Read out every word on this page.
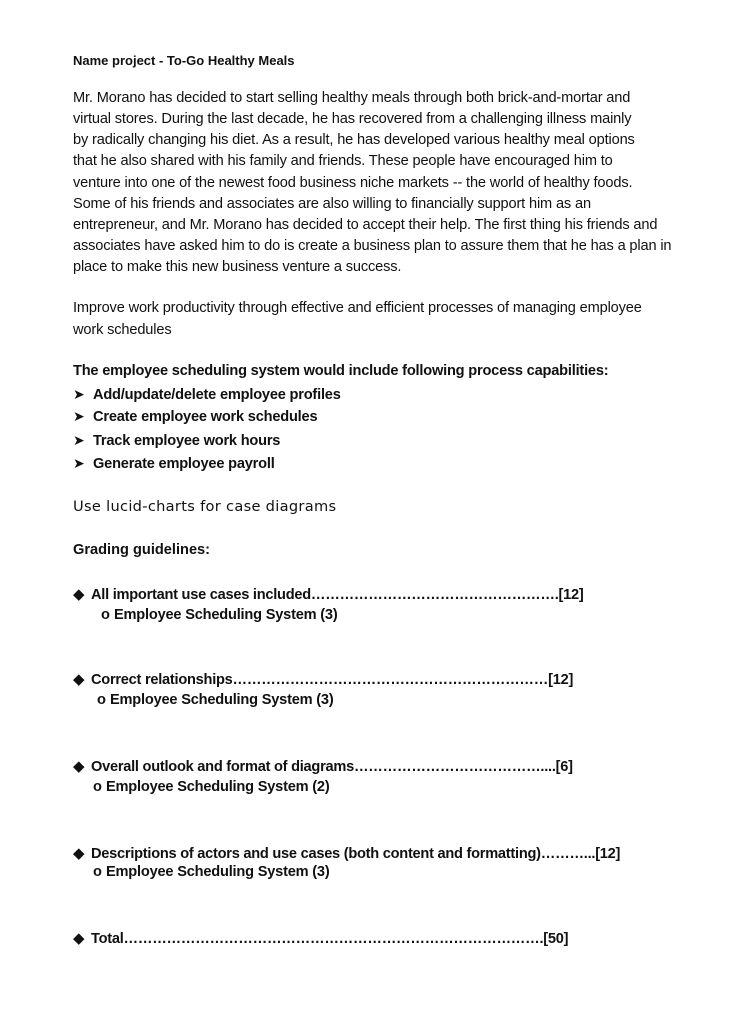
Name project - To-Go Healthy Meals
Mr. Morano has decided to start selling healthy meals through both brick-and-mortar and
virtual stores. During the last decade, he has recovered from a challenging illness mainly
by radically changing his diet. As a result, he has developed various healthy meal options
that he also shared with his family and friends. These people have encouraged him to
venture into one of the newest food business niche markets -- the world of healthy foods.
Some of his friends and associates are also willing to financially support him as an
entrepreneur, and Mr. Morano has decided to accept their help. The first thing his friends and
associates have asked him to do is create a business plan to assure them that he has a plan in
place to make this new business venture a success.
Improve work productivity through effective and efficient processes of managing employee
work schedules
The employee scheduling system would include following process capabilities:
➤ Add/update/delete employee profiles
➤ Create employee work schedules
➤ Track employee work hours
➤ Generate employee payroll
Use lucid-charts for case diagrams
Grading guidelines:
◆ All important use cases included…………………………………………….[12]
o Employee Scheduling System (3)
◆ Correct relationships…………………………………………………………[12]
o Employee Scheduling System (3)
◆ Overall outlook and format of diagrams…………………………………....[6]
o Employee Scheduling System (2)
◆ Descriptions of actors and use cases (both content and formatting)………...[12]
o Employee Scheduling System (3)
◆ Total…………………………………………………………………………….[50]
